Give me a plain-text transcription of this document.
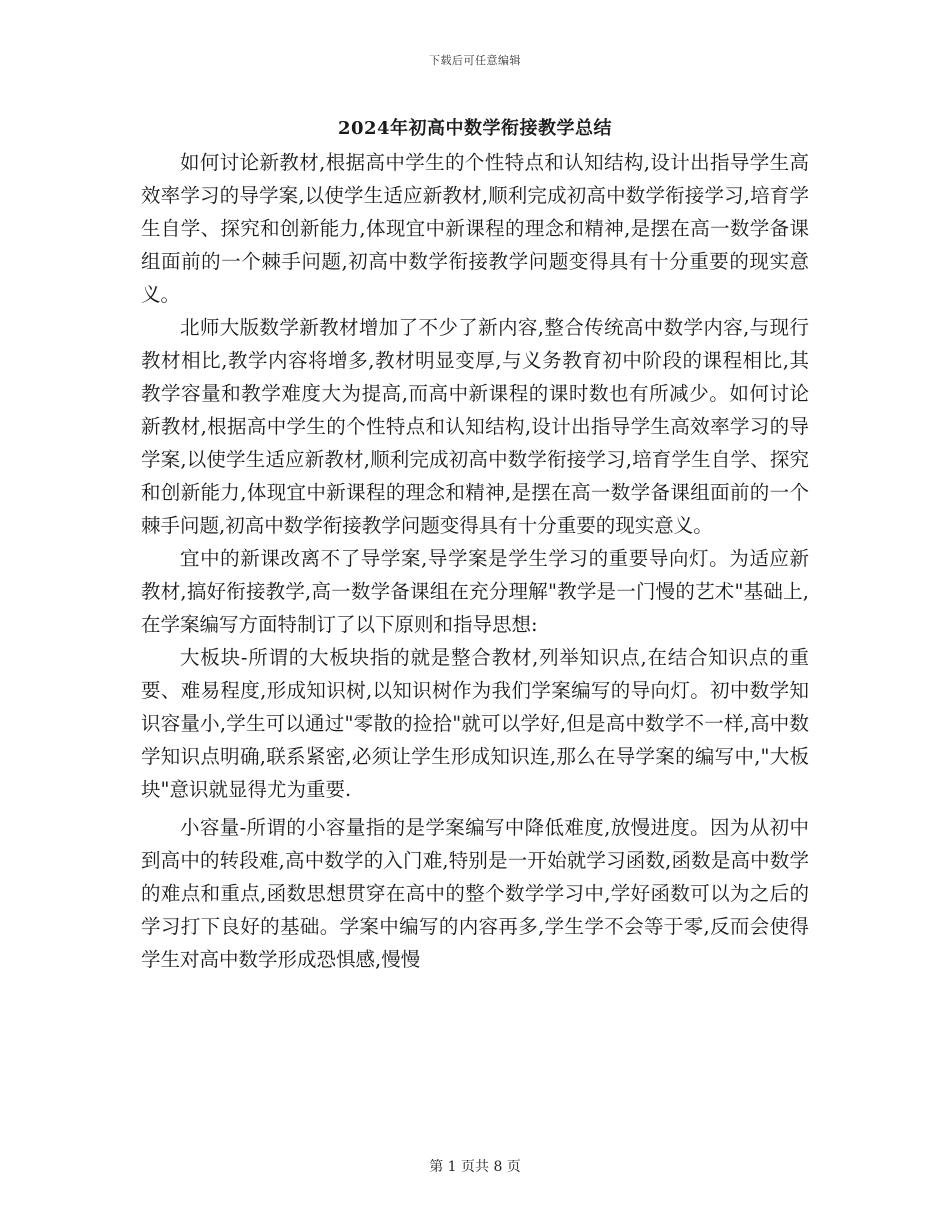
下载后可任意编辑
2024年初高中数学衔接教学总结

如何讨论新教材,根据高中学生的个性特点和认知结构,设计出指导学生高效率学习的导学案,以使学生适应新教材,顺利完成初高中数学衔接学习,培育学生自学、探究和创新能力,体现宜中新课程的理念和精神,是摆在高一数学备课组面前的一个棘手问题,初高中数学衔接教学问题变得具有十分重要的现实意义。

北师大版数学新教材增加了不少了新内容,整合传统高中数学内容,与现行教材相比,教学内容将增多,教材明显变厚,与义务教育初中阶段的课程相比,其教学容量和教学难度大为提高,而高中新课程的课时数也有所减少。如何讨论新教材,根据高中学生的个性特点和认知结构,设计出指导学生高效率学习的导学案,以使学生适应新教材,顺利完成初高中数学衔接学习,培育学生自学、探究和创新能力,体现宜中新课程的理念和精神,是摆在高一数学备课组面前的一个棘手问题,初高中数学衔接教学问题变得具有十分重要的现实意义。

宜中的新课改离不了导学案,导学案是学生学习的重要导向灯。为适应新教材,搞好衔接教学,高一数学备课组在充分理解"教学是一门慢的艺术"基础上,在学案编写方面特制订了以下原则和指导思想:

大板块-所谓的大板块指的就是整合教材,列举知识点,在结合知识点的重要、难易程度,形成知识树,以知识树作为我们学案编写的导向灯。初中数学知识容量小,学生可以通过"零散的捡拾"就可以学好,但是高中数学不一样,高中数学知识点明确,联系紧密,必须让学生形成知识连,那么在导学案的编写中,"大板块"意识就显得尤为重要.

小容量-所谓的小容量指的是学案编写中降低难度,放慢进度。因为从初中到高中的转段难,高中数学的入门难,特别是一开始就学习函数,函数是高中数学的难点和重点,函数思想贯穿在高中的整个数学学习中,学好函数可以为之后的学习打下良好的基础。学案中编写的内容再多,学生学不会等于零,反而会使得学生对高中数学形成恐惧感,慢慢

第 1 页共 8 页
